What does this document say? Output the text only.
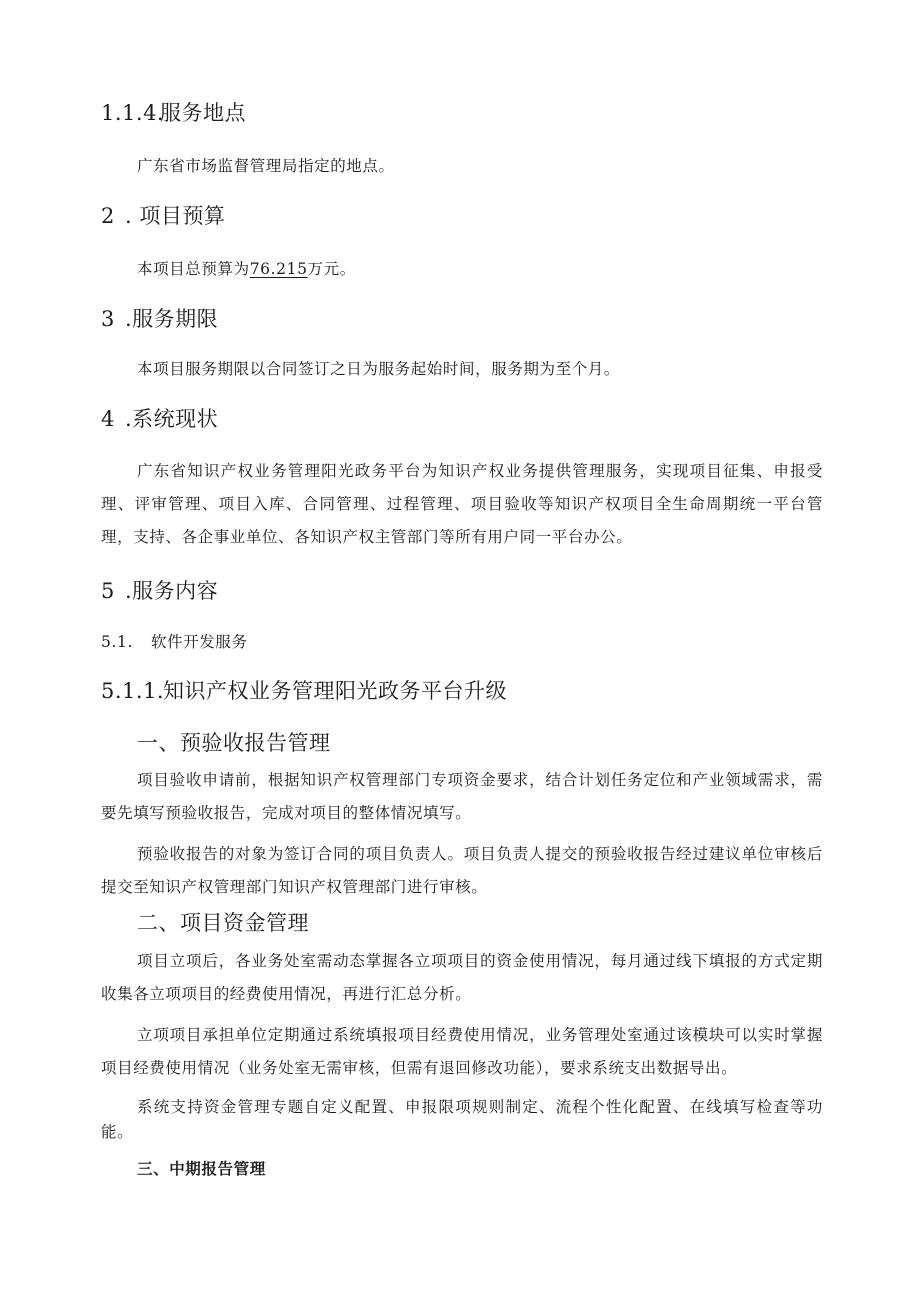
1.1.4.服务地点

广东省市场监督管理局指定的地点。

2 . 项目预算

本项目总预算为76.215万元。

3 .服务期限

本项目服务期限以合同签订之日为服务起始时间，服务期为至个月。

4 .系统现状

广东省知识产权业务管理阳光政务平台为知识产权业务提供管理服务，实现项目征集、申报受理、评审管理、项目入库、合同管理、过程管理、项目验收等知识产权项目全生命周期统一平台管理，支持、各企事业单位、各知识产权主管部门等所有用户同一平台办公。

5 .服务内容
5.1. 软件开发服务
5.1.1.知识产权业务管理阳光政务平台升级
一、预验收报告管理

项目验收申请前，根据知识产权管理部门专项资金要求，结合计划任务定位和产业领域需求，需要先填写预验收报告，完成对项目的整体情况填写。

预验收报告的对象为签订合同的项目负责人。项目负责人提交的预验收报告经过建议单位审核后提交至知识产权管理部门知识产权管理部门进行审核。

二、项目资金管理

项目立项后，各业务处室需动态掌握各立项项目的资金使用情况，每月通过线下填报的方式定期收集各立项项目的经费使用情况，再进行汇总分析。

立项项目承担单位定期通过系统填报项目经费使用情况，业务管理处室通过该模块可以实时掌握项目经费使用情况（业务处室无需审核，但需有退回修改功能），要求系统支出数据导出。

系统支持资金管理专题自定义配置、申报限项规则制定、流程个性化配置、在线填写检查等功能。

三、中期报告管理
